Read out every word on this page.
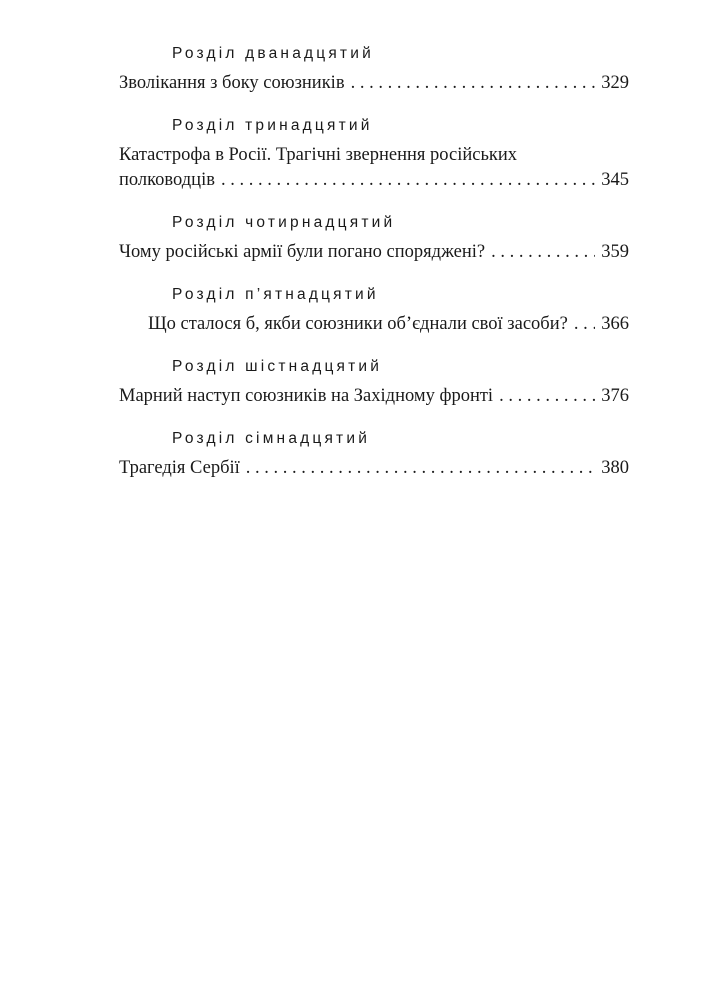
Розділ дванадцятий
Зволікання з боку союзників . . .	329
Розділ тринадцятий
Катастрофа в Росії. Трагічні звернення російських
полководців . . .	345
Розділ чотирнадцятий
Чому російські армії були погано споряджені? . . .	359
Розділ п’ятнадцятий
Що сталося б, якби союзники об’єднали свої засоби? . . .	366
Розділ шістнадцятий
Марний наступ союзників на Західному фронті . . .	376
Розділ сімнадцятий
Трагедія Сербії . . .	380
